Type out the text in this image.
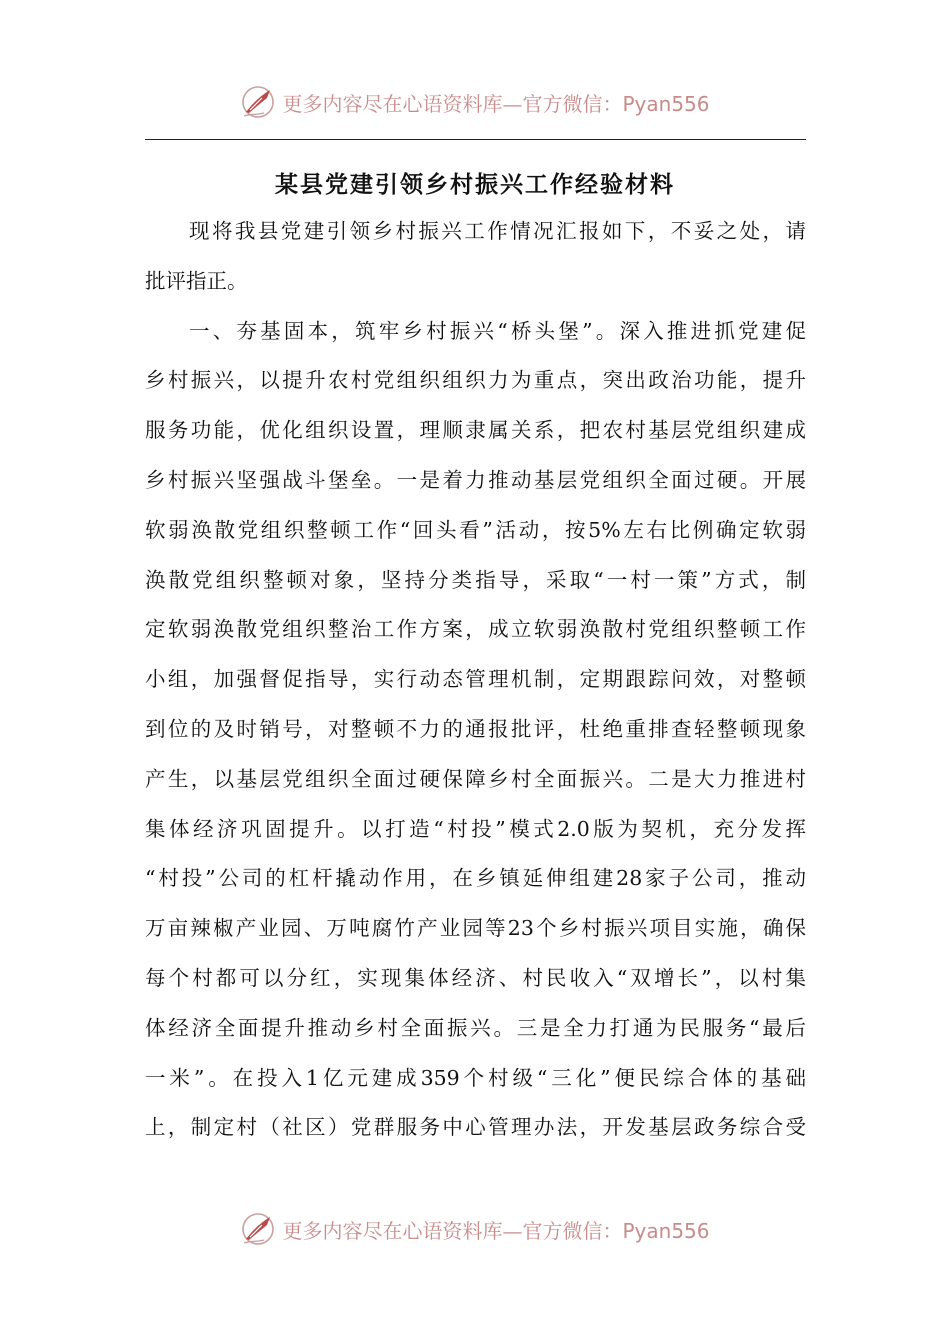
更多内容尽在心语资料库—官方微信：Pyan556
某县党建引领乡村振兴工作经验材料
现将我县党建引领乡村振兴工作情况汇报如下，不妥之处，请
批评指正。
一、夯基固本，筑牢乡村振兴“桥头堡”。深入推进抓党建促
乡村振兴，以提升农村党组织组织力为重点，突出政治功能，提升
服务功能，优化组织设置，理顺隶属关系，把农村基层党组织建成
乡村振兴坚强战斗堡垒。一是着力推动基层党组织全面过硬。开展
软弱涣散党组织整顿工作“回头看”活动，按5%左右比例确定软弱
涣散党组织整顿对象，坚持分类指导，采取“一村一策”方式，制
定软弱涣散党组织整治工作方案，成立软弱涣散村党组织整顿工作
小组，加强督促指导，实行动态管理机制，定期跟踪问效，对整顿
到位的及时销号，对整顿不力的通报批评，杜绝重排查轻整顿现象
产生，以基层党组织全面过硬保障乡村全面振兴。二是大力推进村
集体经济巩固提升。以打造“村投”模式2.0版为契机，充分发挥
“村投”公司的杠杆撬动作用，在乡镇延伸组建28家子公司，推动
万亩辣椒产业园、万吨腐竹产业园等23个乡村振兴项目实施，确保
每个村都可以分红，实现集体经济、村民收入“双增长”，以村集
体经济全面提升推动乡村全面振兴。三是全力打通为民服务“最后
一米”。在投入1亿元建成359个村级“三化”便民综合体的基础
上，制定村（社区）党群服务中心管理办法，开发基层政务综合受
更多内容尽在心语资料库—官方微信：Pyan556
